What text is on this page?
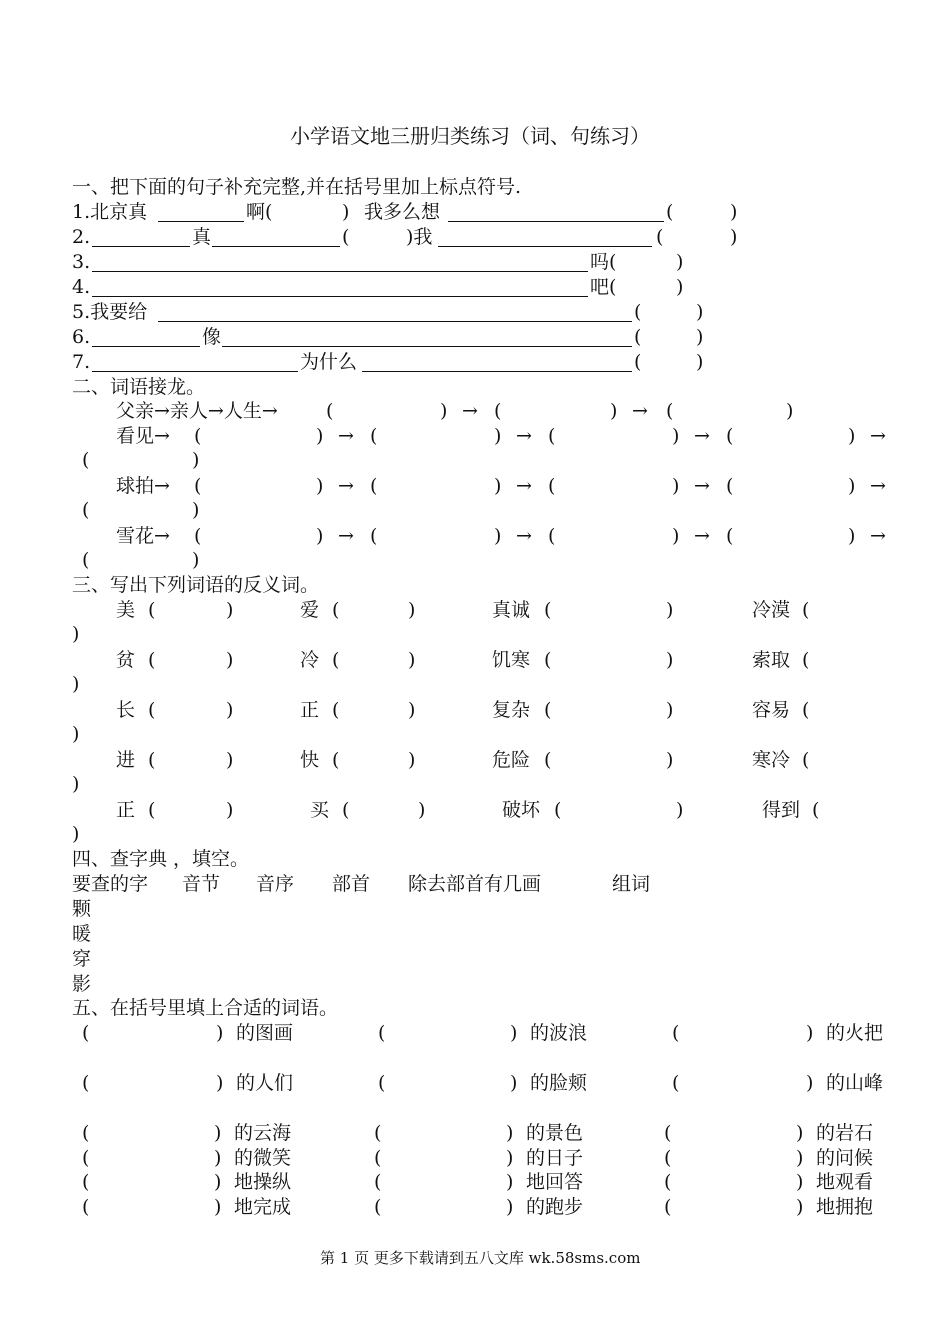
小学语文地三册归类练习（词、句练习）
一、把下面的句子补充完整,并在括号里加上标点符号.
1.北京真	啊(	) 我多么想	(	)
2.	真	(	)我	(	)
3.	吗(	)
4.	吧(	)
5.我要给	(	)
6.	像	(	)
7.	为什么	(	)
二、词语接龙。
父亲→亲人→人生→	(	) → (	) → (	)
看见→ (	) → (	) → (	) → (	) →
(	)
球拍→ (	) → (	) → (	) → (	) →
(	)
雪花→ (	) → (	) → (	) → (	) →
(	)
三、写出下列词语的反义词。
美 (	)	爱 (	)	真诚 (	)	冷漠 (
)
贫 (	)	冷 (	)	饥寒 (	)	索取 (
)
长 (	)	正 (	)	复杂 (	)	容易 (
)
进 (	)	快 (	)	危险 (	)	寒冷 (
)
正 (	)	买 (	)	破坏 (	)	得到 (
)
四、查字典 ，填空。
要查的字 音节 音序 部首 除去部首有几画	组词
颗
暖
穿
影
五、在括号里填上合适的词语。
(	) 的图画	(	) 的波浪	(	) 的火把
(	) 的人们	(	) 的脸颊	(	) 的山峰
(	) 的云海	(	) 的景色	(	) 的岩石
(	) 的微笑	(	) 的日子	(	) 的问候
(	) 地操纵	(	) 地回答	(	) 地观看
(	) 地完成	(	) 的跑步	(	) 地拥抱
第 1 页 更多下载请到五八文库 wk.58sms.com
